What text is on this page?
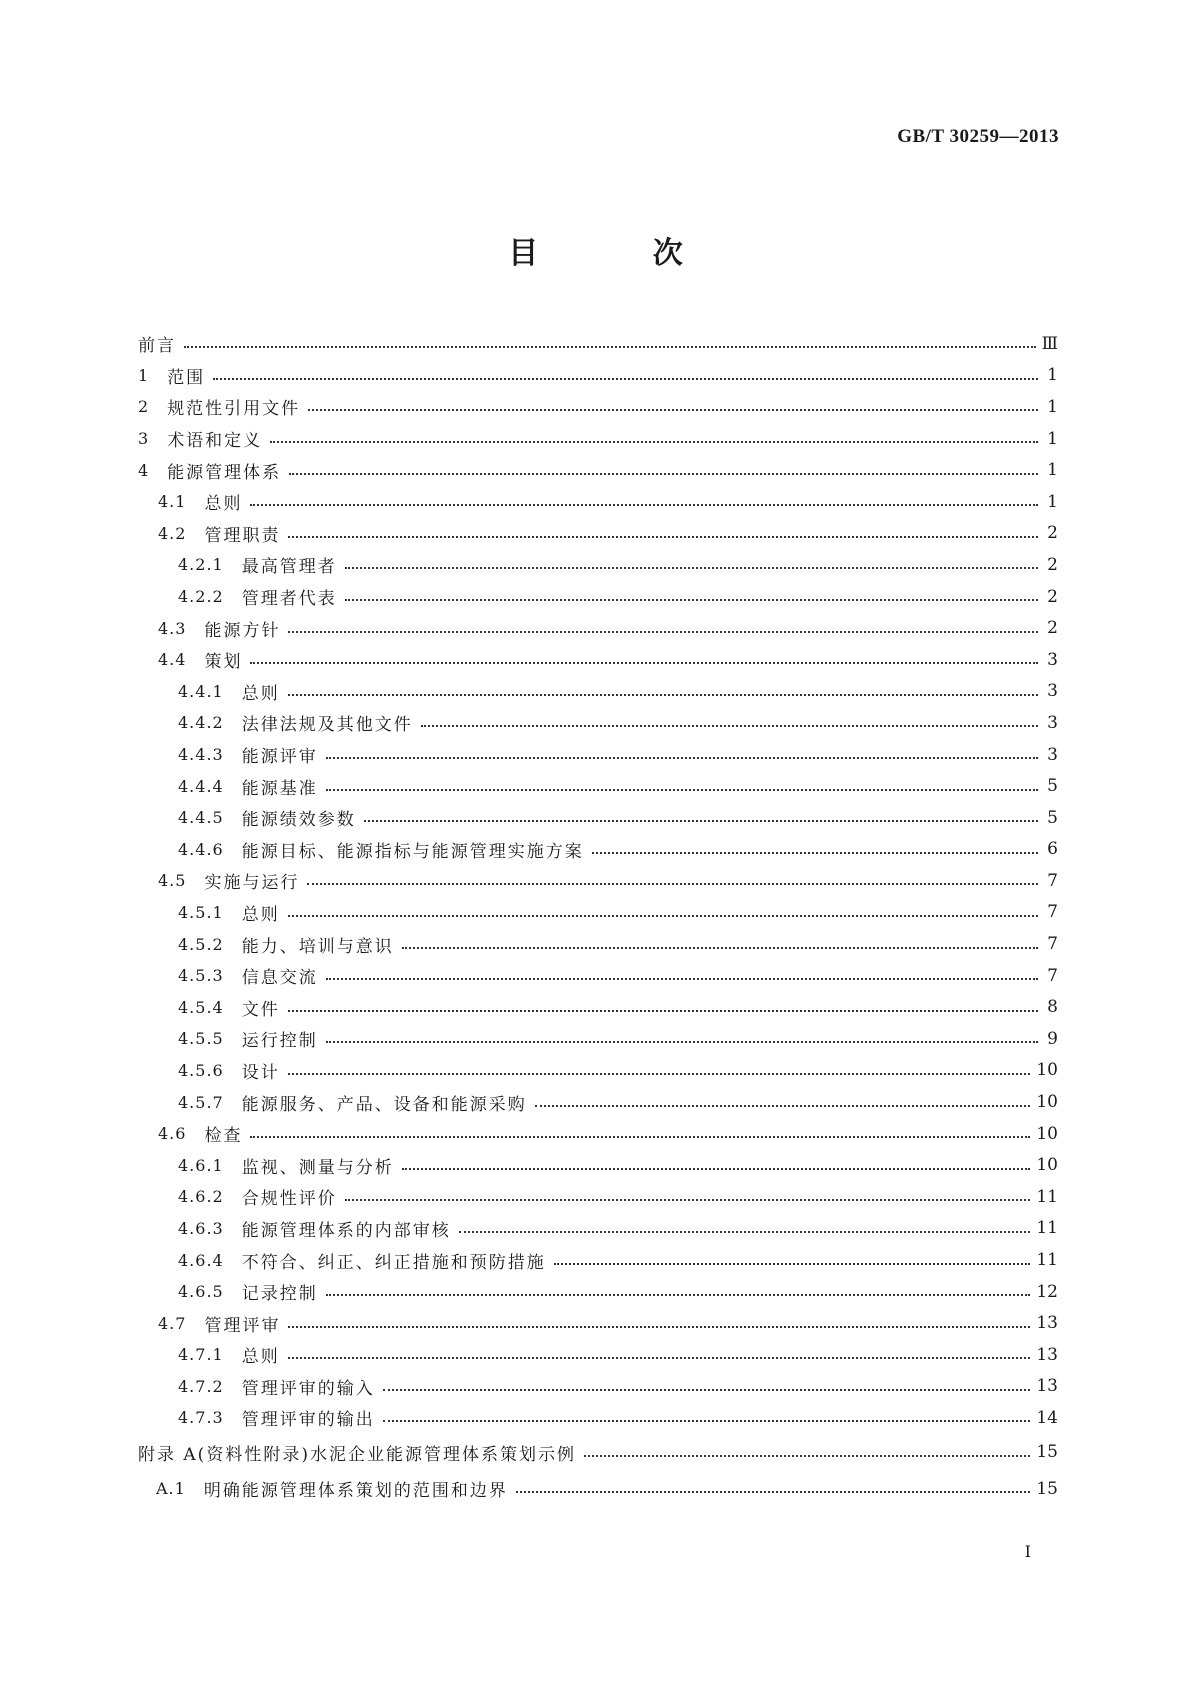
GB/T 30259—2013
目 次
前言	Ⅲ
1 范围	1
2 规范性引用文件	1
3 术语和定义	1
4 能源管理体系	1
4.1 总则	1
4.2 管理职责	2
4.2.1 最高管理者	2
4.2.2 管理者代表	2
4.3 能源方针	2
4.4 策划	3
4.4.1 总则	3
4.4.2 法律法规及其他文件	3
4.4.3 能源评审	3
4.4.4 能源基准	5
4.4.5 能源绩效参数	5
4.4.6 能源目标、能源指标与能源管理实施方案	6
4.5 实施与运行	7
4.5.1 总则	7
4.5.2 能力、培训与意识	7
4.5.3 信息交流	7
4.5.4 文件	8
4.5.5 运行控制	9
4.5.6 设计	10
4.5.7 能源服务、产品、设备和能源采购	10
4.6 检查	10
4.6.1 监视、测量与分析	10
4.6.2 合规性评价	11
4.6.3 能源管理体系的内部审核	11
4.6.4 不符合、纠正、纠正措施和预防措施	11
4.6.5 记录控制	12
4.7 管理评审	13
4.7.1 总则	13
4.7.2 管理评审的输入	13
4.7.3 管理评审的输出	14
附录 A(资料性附录)水泥企业能源管理体系策划示例	15
A.1 明确能源管理体系策划的范围和边界	15
I
